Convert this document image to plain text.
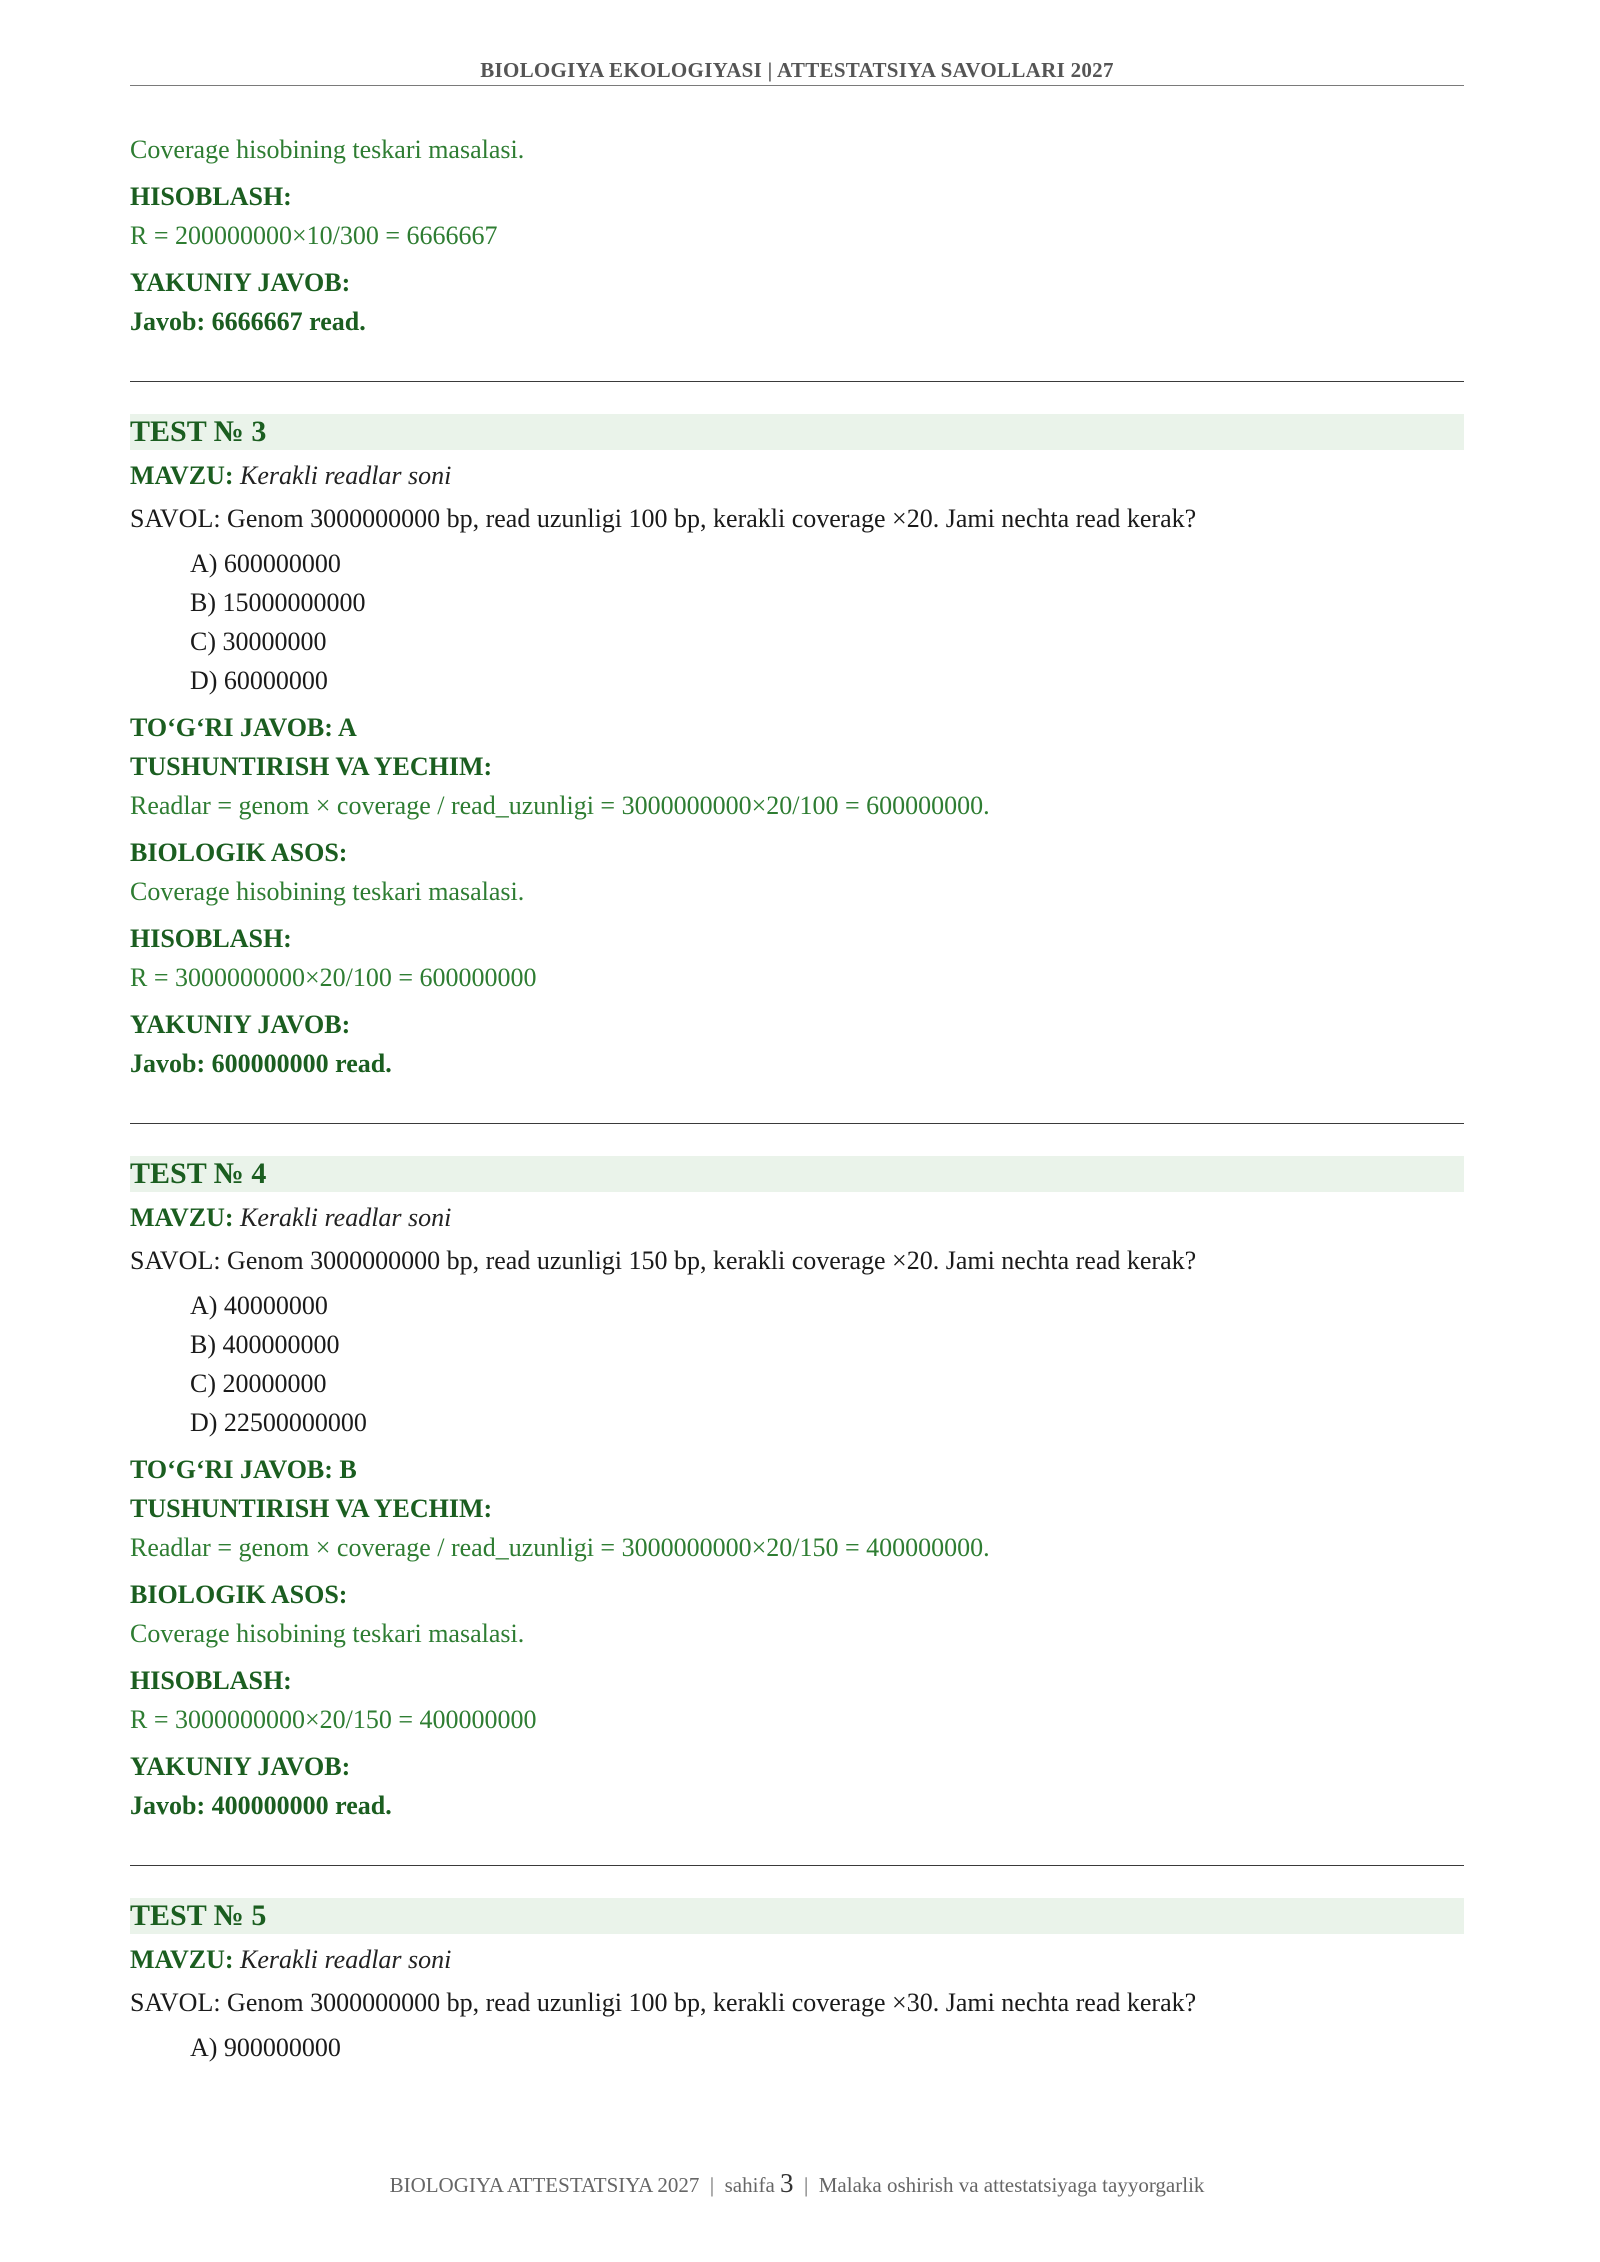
BIOLOGIYA EKOLOGIYASI | ATTESTATSIYA SAVOLLARI 2027
Coverage hisobining teskari masalasi.
HISOBLASH:
R = 200000000×10/300 = 6666667
YAKUNIY JAVOB:
Javob: 6666667 read.
TEST № 3
MAVZU: Kerakli readlar soni
SAVOL: Genom 3000000000 bp, read uzunligi 100 bp, kerakli coverage ×20. Jami nechta read kerak?
A) 600000000
B) 15000000000
C) 30000000
D) 60000000
TO‘G‘RI JAVOB: A
TUSHUNTIRISH VA YECHIM:
Readlar = genom × coverage / read_uzunligi = 3000000000×20/100 = 600000000.
BIOLOGIK ASOS:
Coverage hisobining teskari masalasi.
HISOBLASH:
R = 3000000000×20/100 = 600000000
YAKUNIY JAVOB:
Javob: 600000000 read.
TEST № 4
MAVZU: Kerakli readlar soni
SAVOL: Genom 3000000000 bp, read uzunligi 150 bp, kerakli coverage ×20. Jami nechta read kerak?
A) 40000000
B) 400000000
C) 20000000
D) 22500000000
TO‘G‘RI JAVOB: B
TUSHUNTIRISH VA YECHIM:
Readlar = genom × coverage / read_uzunligi = 3000000000×20/150 = 400000000.
BIOLOGIK ASOS:
Coverage hisobining teskari masalasi.
HISOBLASH:
R = 3000000000×20/150 = 400000000
YAKUNIY JAVOB:
Javob: 400000000 read.
TEST № 5
MAVZU: Kerakli readlar soni
SAVOL: Genom 3000000000 bp, read uzunligi 100 bp, kerakli coverage ×30. Jami nechta read kerak?
A) 900000000
BIOLOGIYA ATTESTATSIYA 2027 | sahifa 3 | Malaka oshirish va attestatsiyaga tayyorgarlik
